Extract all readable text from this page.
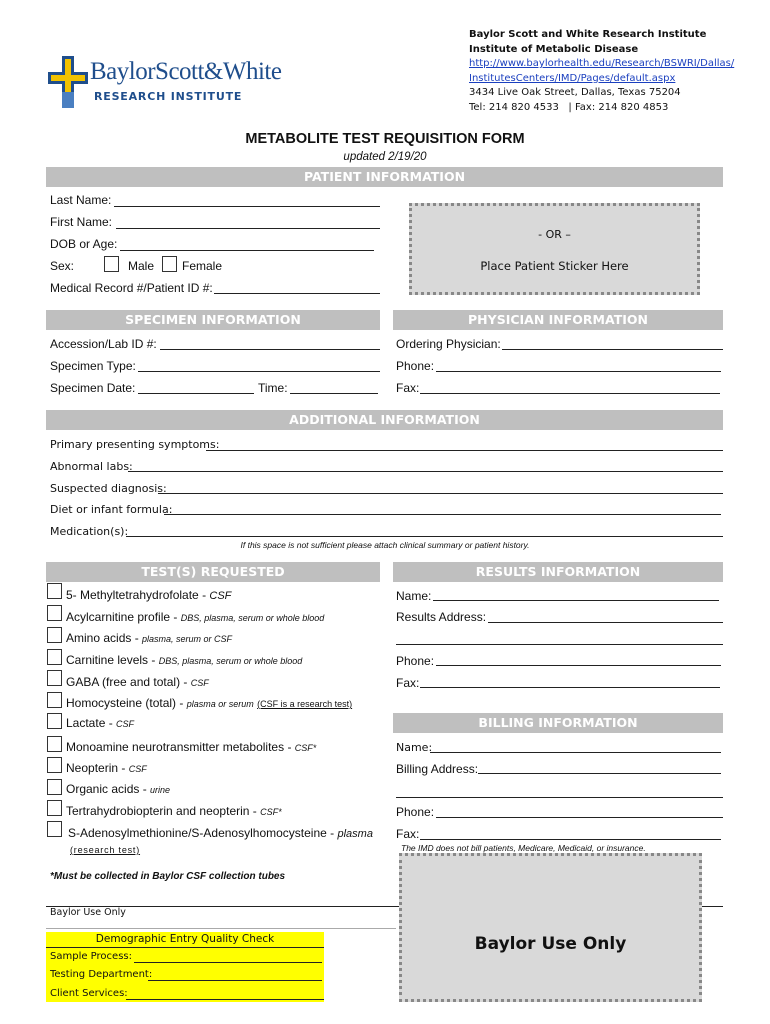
BaylorScott&White
RESEARCH INSTITUTE
Baylor Scott and White Research Institute
Institute of Metabolic Disease
http://www.baylorhealth.edu/Research/BSWRI/Dallas/
InstitutesCenters/IMD/Pages/default.aspx
3434 Live Oak Street, Dallas, Texas 75204
Tel: 214 820 4533   | Fax: 214 820 4853
METABOLITE TEST REQUISITION FORM
updated 2/19/20
PATIENT INFORMATION
Last Name:
First Name:
DOB or Age:
Sex:	Male Female
Medical Record #/Patient ID #:
- OR –
Place Patient Sticker Here
SPECIMEN INFORMATION	PHYSICIAN INFORMATION
Accession/Lab ID #:
Specimen Type:
Specimen Date:	Time:
Ordering Physician:
Phone:
Fax:
ADDITIONAL INFORMATION
Primary presenting symptoms:
Abnormal labs:
Suspected diagnosis:
Diet or infant formula:
Medication(s):
If this space is not sufficient please attach clinical summary or patient history.
TEST(S) REQUESTED
5- Methyltetrahydrofolate - CSF
Acylcarnitine profile - DBS, plasma, serum or whole blood
Amino acids - plasma, serum or CSF
Carnitine levels - DBS, plasma, serum or whole blood
GABA (free and total) - CSF
Homocysteine (total) - plasma or serum (CSF is a research test)
Lactate - CSF
Monoamine neurotransmitter metabolites - CSF*
Neopterin - CSF
Organic acids - urine
Tertrahydrobiopterin and neopterin - CSF*
S-Adenosylmethionine/S-Adenosylhomocysteine - plasma
(research test)
*Must be collected in Baylor CSF collection tubes
RESULTS INFORMATION
Name:
Results Address:
Phone:
Fax:
BILLING INFORMATION
Name:
Billing Address:
Phone:
Fax:
The IMD does not bill patients, Medicare, Medicaid, or insurance.
Baylor Use Only
Demographic Entry Quality Check
Sample Process:
Testing Department:
Client Services:
Baylor Use Only
